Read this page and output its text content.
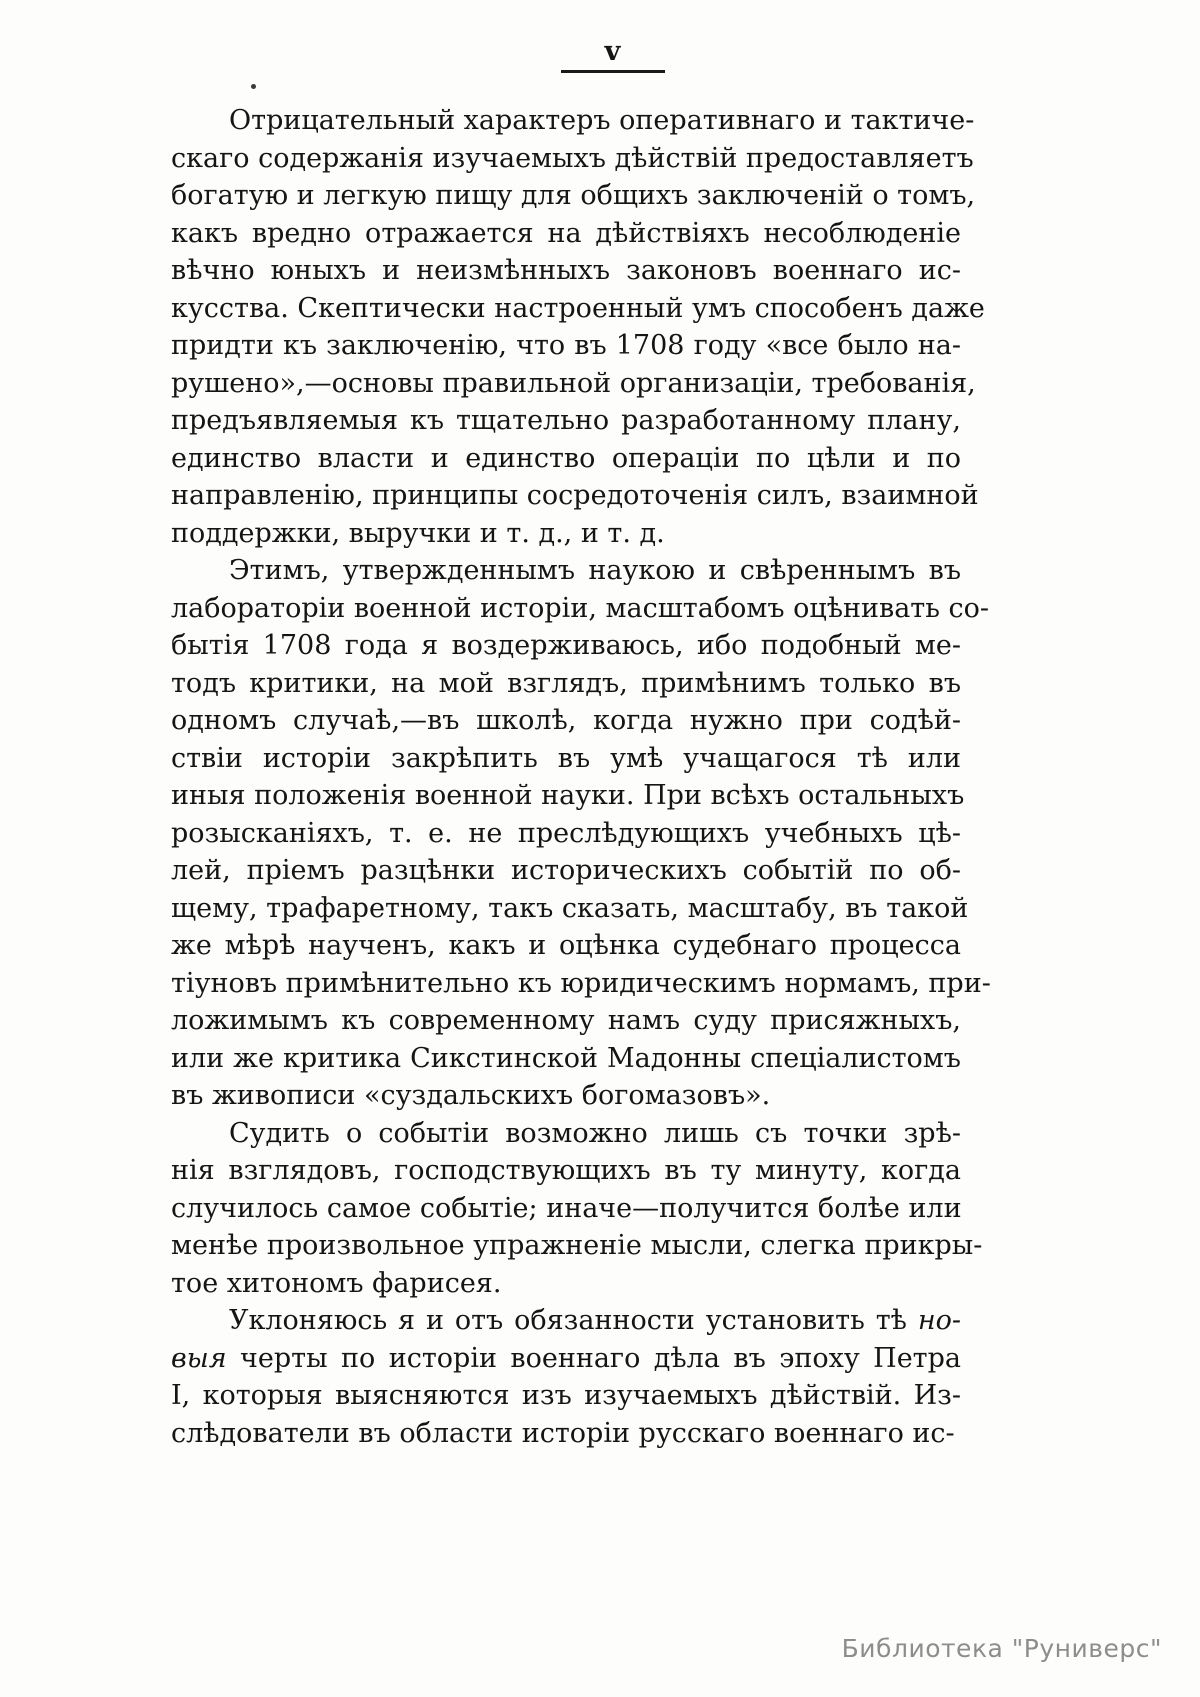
v
Отрицательный характеръ оперативнаго и тактиче-
скаго содержанія изучаемыхъ дѣйствій предоставляетъ
богатую и легкую пищу для общихъ заключеній о томъ,
какъ вредно отражается на дѣйствіяхъ несоблюденіе
вѣчно юныхъ и неизмѣнныхъ законовъ военнаго ис-
кусства. Скептически настроенный умъ способенъ даже
придти къ заключенію, что въ 1708 году «все было на-
рушено»,—основы правильной организаціи, требованія,
предъявляемыя къ тщательно разработанному плану,
единство власти и единство операціи по цѣли и по
направленію, принципы сосредоточенія силъ, взаимной
поддержки, выручки и т. д., и т. д.
Этимъ, утвержденнымъ наукою и свѣреннымъ въ
лабораторіи военной исторіи, масштабомъ оцѣнивать со-
бытія 1708 года я воздерживаюсь, ибо подобный ме-
тодъ критики, на мой взглядъ, примѣнимъ только въ
одномъ случаѣ,—въ школѣ, когда нужно при содѣй-
ствіи исторіи закрѣпить въ умѣ учащагося тѣ или
иныя положенія военной науки. При всѣхъ остальныхъ
розысканіяхъ, т. е. не преслѣдующихъ учебныхъ цѣ-
лей, пріемъ разцѣнки историческихъ событій по об-
щему, трафаретному, такъ сказать, масштабу, въ такой
же мѣрѣ наученъ, какъ и оцѣнка судебнаго процесса
тіуновъ примѣнительно къ юридическимъ нормамъ, при-
ложимымъ къ современному намъ суду присяжныхъ,
или же критика Сикстинской Мадонны спеціалистомъ
въ живописи «суздальскихъ богомазовъ».
Судить о событіи возможно лишь съ точки зрѣ-
нія взглядовъ, господствующихъ въ ту минуту, когда
случилось самое событіе; иначе—получится болѣе или
менѣе произвольное упражненіе мысли, слегка прикры-
тое хитономъ фарисея.
Уклоняюсь я и отъ обязанности установить тѣ но-
выя черты по исторіи военнаго дѣла въ эпоху Петра
I, которыя выясняются изъ изучаемыхъ дѣйствій. Из-
слѣдователи въ области исторіи русскаго военнаго ис-
Библиотека "Руниверс"
